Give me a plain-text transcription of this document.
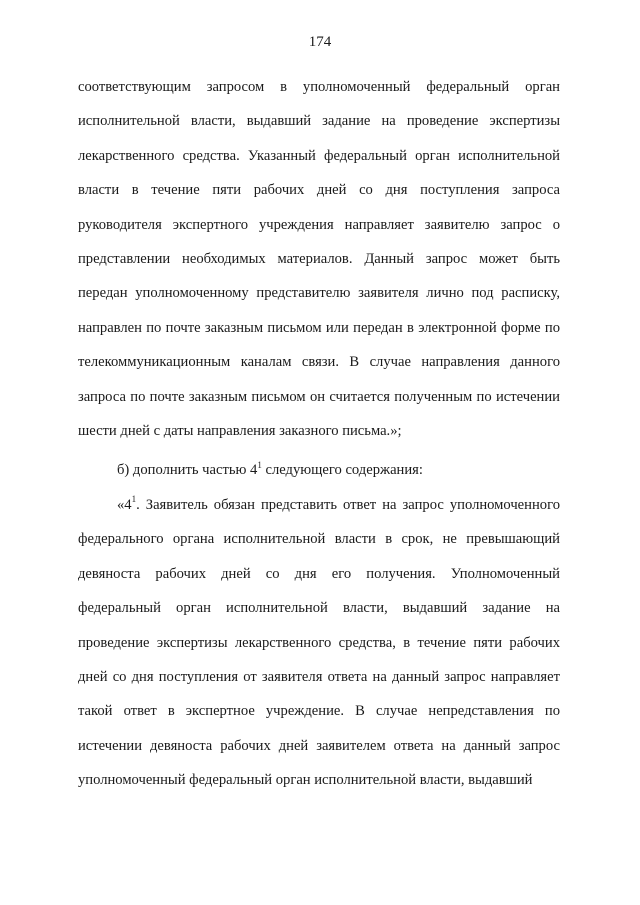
174

соответствующим запросом в уполномоченный федеральный орган исполнительной власти, выдавший задание на проведение экспертизы лекарственного средства. Указанный федеральный орган исполнительной власти в течение пяти рабочих дней со дня поступления запроса руководителя экспертного учреждения направляет заявителю запрос о представлении необходимых материалов. Данный запрос может быть передан уполномоченному представителю заявителя лично под расписку, направлен по почте заказным письмом или передан в электронной форме по телекоммуникационным каналам связи. В случае направления данного запроса по почте заказным письмом он считается полученным по истечении шести дней с даты направления заказного письма.»;

б) дополнить частью $4^1$ следующего содержания:

«$4^1$. Заявитель обязан представить ответ на запрос уполномоченного федерального органа исполнительной власти в срок, не превышающий девяноста рабочих дней со дня его получения. Уполномоченный федеральный орган исполнительной власти, выдавший задание на проведение экспертизы лекарственного средства, в течение пяти рабочих дней со дня поступления от заявителя ответа на данный запрос направляет такой ответ в экспертное учреждение. В случае непредставления по истечении девяноста рабочих дней заявителем ответа на данный запрос уполномоченный федеральный орган исполнительной власти, выдавший
